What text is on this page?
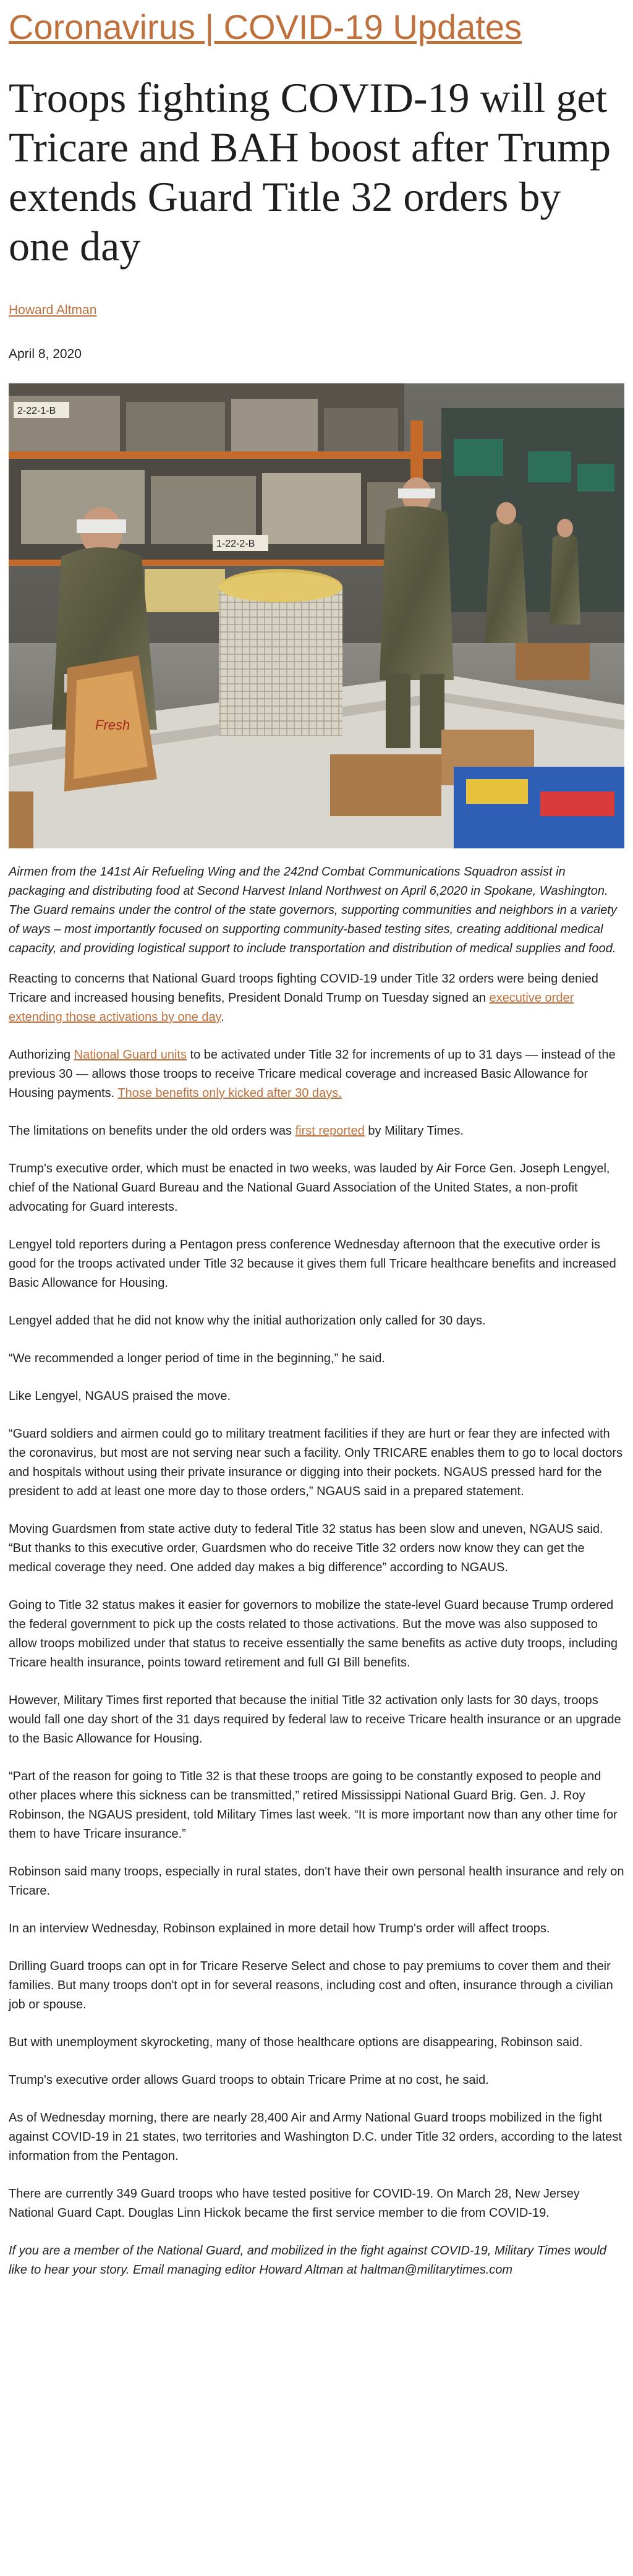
Coronavirus | COVID-19 Updates
Troops fighting COVID-19 will get Tricare and BAH boost after Trump extends Guard Title 32 orders by one day
Howard Altman
April 8, 2020
Fresh
2-22-1-B
1-22-2-B
Airmen from the 141st Air Refueling Wing and the 242nd Combat Communications Squadron assist in packaging and distributing food at Second Harvest Inland Northwest on April 6,2020 in Spokane, Washington. The Guard remains under the control of the state governors, supporting communities and neighbors in a variety of ways – most importantly focused on supporting community-based testing sites, creating additional medical capacity, and providing logistical support to include transportation and distribution of medical supplies and food.

Reacting to concerns that National Guard troops fighting COVID-19 under Title 32 orders were being denied Tricare and increased housing benefits, President Donald Trump on Tuesday signed an executive order extending those activations by one day.

Authorizing National Guard units to be activated under Title 32 for increments of up to 31 days — instead of the previous 30 — allows those troops to receive Tricare medical coverage and increased Basic Allowance for Housing payments. Those benefits only kicked after 30 days.

The limitations on benefits under the old orders was first reported by Military Times.

Trump's executive order, which must be enacted in two weeks, was lauded by Air Force Gen. Joseph Lengyel, chief of the National Guard Bureau and the National Guard Association of the United States, a non-profit advocating for Guard interests.

Lengyel told reporters during a Pentagon press conference Wednesday afternoon that the executive order is good for the troops activated under Title 32 because it gives them full Tricare healthcare benefits and increased Basic Allowance for Housing.

Lengyel added that he did not know why the initial authorization only called for 30 days.

“We recommended a longer period of time in the beginning,” he said.

Like Lengyel, NGAUS praised the move.

“Guard soldiers and airmen could go to military treatment facilities if they are hurt or fear they are infected with the coronavirus, but most are not serving near such a facility. Only TRICARE enables them to go to local doctors and hospitals without using their private insurance or digging into their pockets. NGAUS pressed hard for the president to add at least one more day to those orders,” NGAUS said in a prepared statement.

Moving Guardsmen from state active duty to federal Title 32 status has been slow and uneven, NGAUS said. “But thanks to this executive order, Guardsmen who do receive Title 32 orders now know they can get the medical coverage they need. One added day makes a big difference” according to NGAUS.

Going to Title 32 status makes it easier for governors to mobilize the state-level Guard because Trump ordered the federal government to pick up the costs related to those activations. But the move was also supposed to allow troops mobilized under that status to receive essentially the same benefits as active duty troops, including Tricare health insurance, points toward retirement and full GI Bill benefits.

However, Military Times first reported that because the initial Title 32 activation only lasts for 30 days, troops would fall one day short of the 31 days required by federal law to receive Tricare health insurance or an upgrade to the Basic Allowance for Housing.

“Part of the reason for going to Title 32 is that these troops are going to be constantly exposed to people and other places where this sickness can be transmitted,” retired Mississippi National Guard Brig. Gen. J. Roy Robinson, the NGAUS president, told Military Times last week. “It is more important now than any other time for them to have Tricare insurance.”

Robinson said many troops, especially in rural states, don't have their own personal health insurance and rely on Tricare.

In an interview Wednesday, Robinson explained in more detail how Trump's order will affect troops.

Drilling Guard troops can opt in for Tricare Reserve Select and chose to pay premiums to cover them and their families. But many troops don't opt in for several reasons, including cost and often, insurance through a civilian job or spouse.

But with unemployment skyrocketing, many of those healthcare options are disappearing, Robinson said.

Trump's executive order allows Guard troops to obtain Tricare Prime at no cost, he said.

As of Wednesday morning, there are nearly 28,400 Air and Army National Guard troops mobilized in the fight against COVID-19 in 21 states, two territories and Washington D.C. under Title 32 orders, according to the latest information from the Pentagon.

There are currently 349 Guard troops who have tested positive for COVID-19. On March 28, New Jersey National Guard Capt. Douglas Linn Hickok became the first service member to die from COVID-19.

If you are a member of the National Guard, and mobilized in the fight against COVID-19, Military Times would like to hear your story. Email managing editor Howard Altman at haltman@militarytimes.com
